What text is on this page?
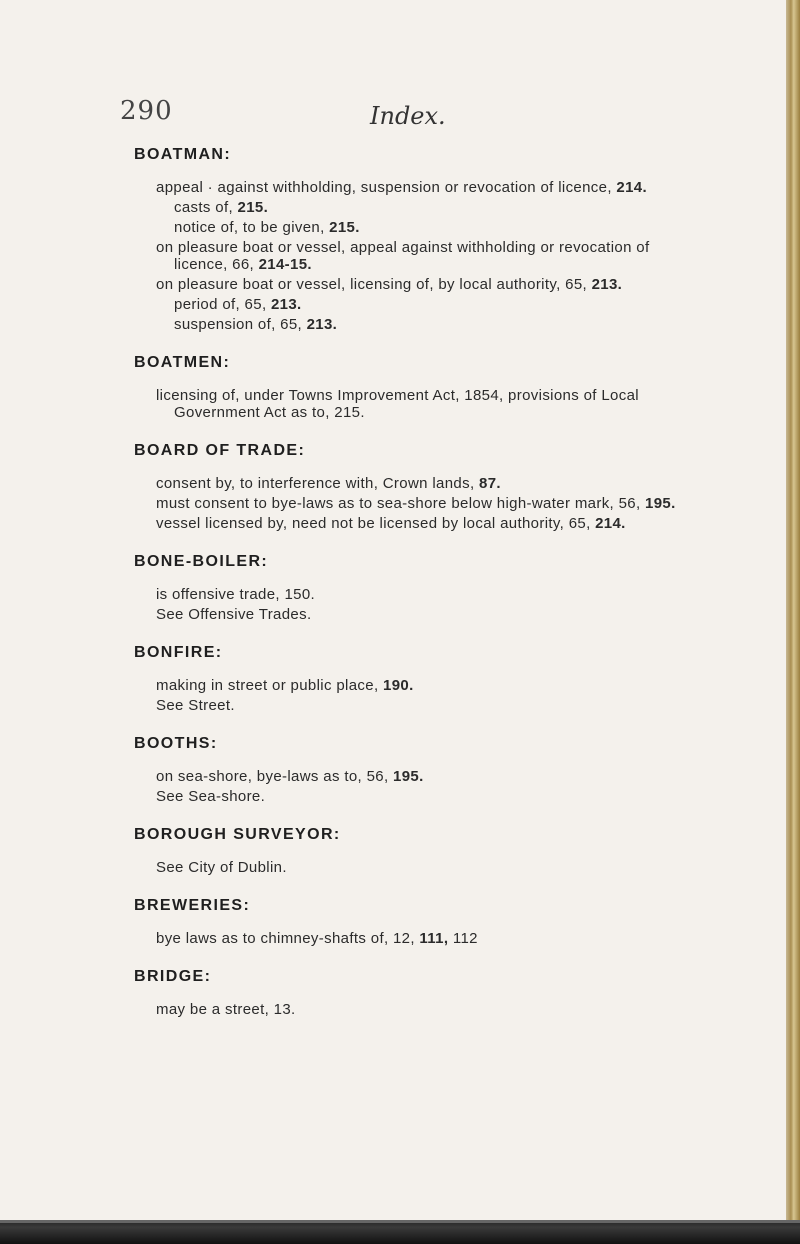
290	Index.
BOATMAN:
appeal · against withholding, suspension or revocation of licence, 214.
casts of, 215.
notice of, to be given, 215.
on pleasure boat or vessel, appeal against withholding or revocation of licence, 66, 214-15.
on pleasure boat or vessel, licensing of, by local authority, 65, 213.
period of, 65, 213.
suspension of, 65, 213.
BOATMEN:
licensing of, under Towns Improvement Act, 1854, provisions of Local Government Act as to, 215.
BOARD OF TRADE:
consent by, to interference with, Crown lands, 87.
must consent to bye-laws as to sea-shore below high-water mark, 56, 195.
vessel licensed by, need not be licensed by local authority, 65, 214.
BONE-BOILER:
is offensive trade, 150.
See Offensive Trades.
BONFIRE:
making in street or public place, 190.
See Street.
BOOTHS:
on sea-shore, bye-laws as to, 56, 195.
See Sea-shore.
BOROUGH SURVEYOR:
See City of Dublin.
BREWERIES:
bye laws as to chimney-shafts of, 12, 111, 112
BRIDGE:
may be a street, 13.
